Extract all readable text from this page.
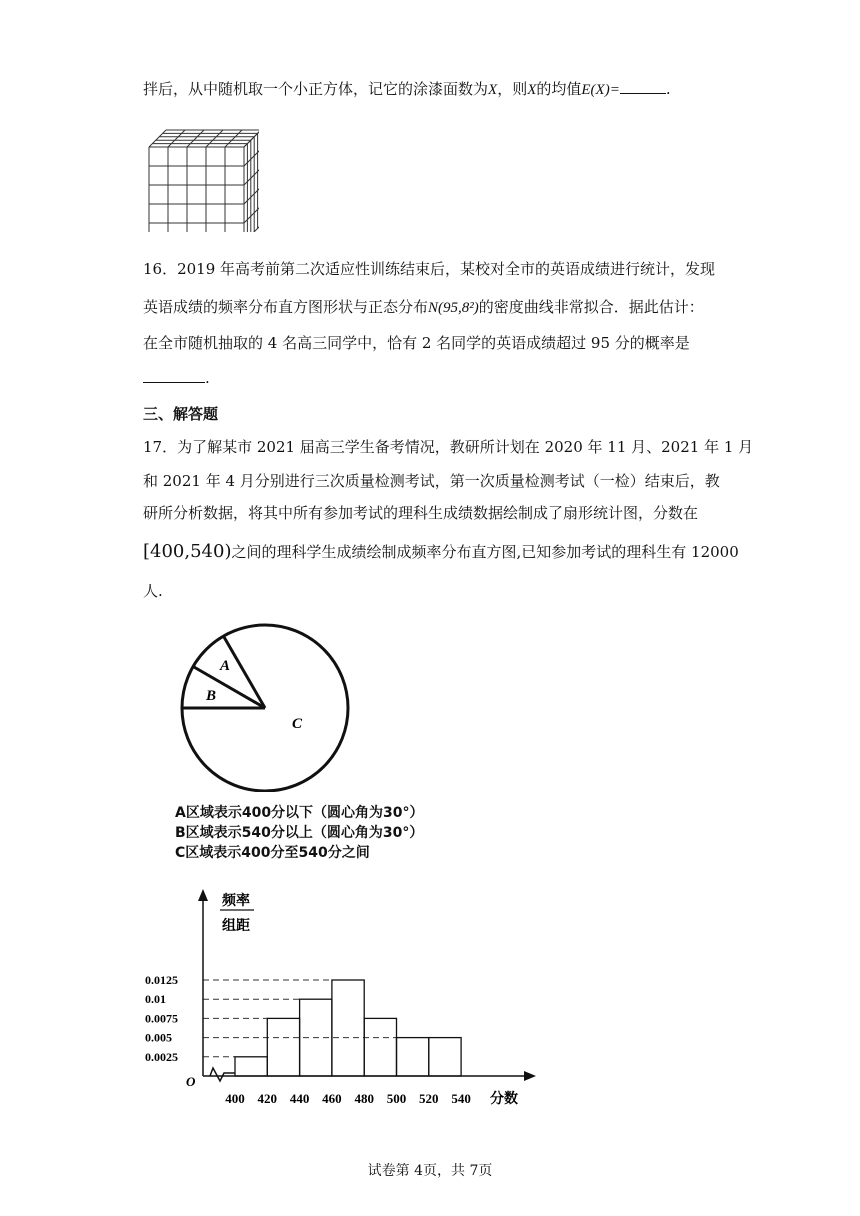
拌后，从中随机取一个小正方体，记它的涂漆面数为X，则X的均值E(X)=	.
16．2019 年高考前第二次适应性训练结束后，某校对全市的英语成绩进行统计，发现
英语成绩的频率分布直方图形状与正态分布N(95,8²)的密度曲线非常拟合．据此估计：
在全市随机抽取的 4 名高三同学中，恰有 2 名同学的英语成绩超过 95 分的概率是
.
三、解答题
17．为了解某市 2021 届高三学生备考情况，教研所计划在 2020 年 11 月、2021 年 1 月
和 2021 年 4 月分别进行三次质量检测考试，第一次质量检测考试（一检）结束后，教
研所分析数据，将其中所有参加考试的理科生成绩数据绘制成了扇形统计图，分数在
[400,540)之间的理科学生成绩绘制成频率分布直方图,已知参加考试的理科生有 12000
人.
A
B
C
A区域表示400分以下（圆心角为30°）
B区域表示540分以上（圆心角为30°）
C区域表示400分至540分之间
0.0025
0.005
0.0075
0.01
0.0125
400 420 440 460 480 500 520 540
频率
组距
分数
O
试卷第 4页，共 7页
